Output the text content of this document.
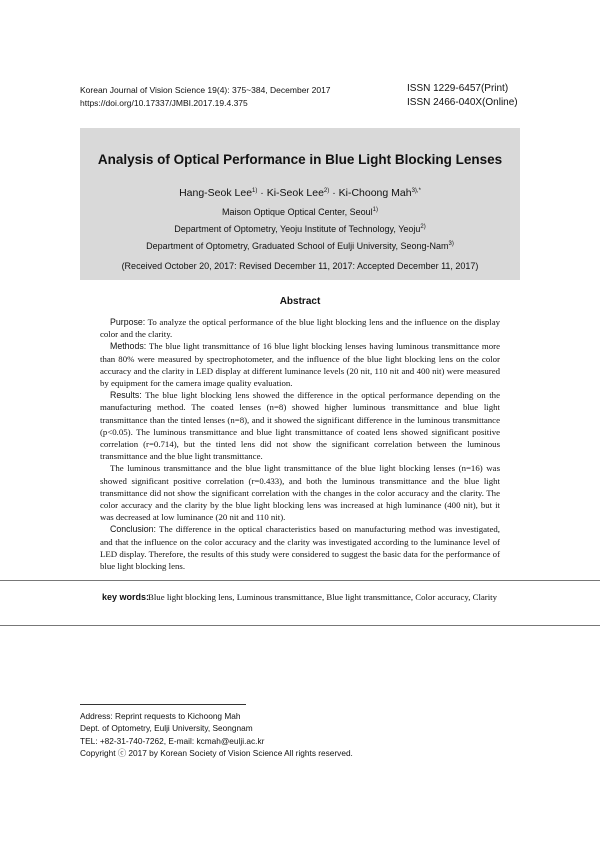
Korean Journal of Vision Science 19(4): 375~384, December 2017
https://doi.org/10.17337/JMBI.2017.19.4.375
ISSN 1229-6457(Print)
ISSN 2466-040X(Online)
Analysis of Optical Performance in Blue Light Blocking Lenses
Hang-Seok Lee$^{1)}$ · Ki-Seok Lee$^{2)}$ · Ki-Choong Mah$^{3),*}$
Maison Optique Optical Center, Seoul$^{1)}$
Department of Optometry, Yeoju Institute of Technology, Yeoju$^{2)}$
Department of Optometry, Graduated School of Eulji University, Seong-Nam$^{3)}$
(Received October 20, 2017: Revised December 11, 2017: Accepted December 11, 2017)
Abstract

Purpose: To analyze the optical performance of the blue light blocking lens and the influence on the display color and the clarity.

Methods: The blue light transmittance of 16 blue light blocking lenses having luminous transmittance more than 80% were measured by spectrophotometer, and the influence of the blue light blocking lens on the color accuracy and the clarity in LED display at different luminance levels (20 nit, 110 nit and 400 nit) were measured by equipment for the camera image quality evaluation.

Results: The blue light blocking lens showed the difference in the optical performance depending on the manufacturing method. The coated lenses (n=8) showed higher luminous transmittance and blue light transmittance than the tinted lenses (n=8), and it showed the significant difference in the luminous transmittance (p<0.05). The luminous transmittance and blue light transmittance of coated lens showed significant positive correlation (r=0.714), but the tinted lens did not show the significant correlation between the luminous transmittance and the blue light transmittance.

The luminous transmittance and the blue light transmittance of the blue light blocking lenses (n=16) was showed significant positive correlation (r=0.433), and both the luminous transmittance and the blue light transmittance did not show the significant correlation with the changes in the color accuracy and the clarity. The color accuracy and the clarity by the blue light blocking lens was increased at high luminance (400 nit), but it was decreased at low luminance (20 nit and 110 nit).

Conclusion: The difference in the optical characteristics based on manufacturing method was investigated, and that the influence on the color accuracy and the clarity was investigated according to the luminance level of LED display. Therefore, the results of this study were considered to suggest the basic data for the performance of blue light blocking lens.

key words:
Blue light blocking lens, Luminous transmittance, Blue light transmittance, Color accuracy, Clarity
Address: Reprint requests to Kichoong Mah
Dept. of Optometry, Eulji University, Seongnam
TEL: +82-31-740-7262, E-mail: kcmah@eulji.ac.kr
Copyright ⓒ 2017 by Korean Society of Vision Science All rights reserved.
